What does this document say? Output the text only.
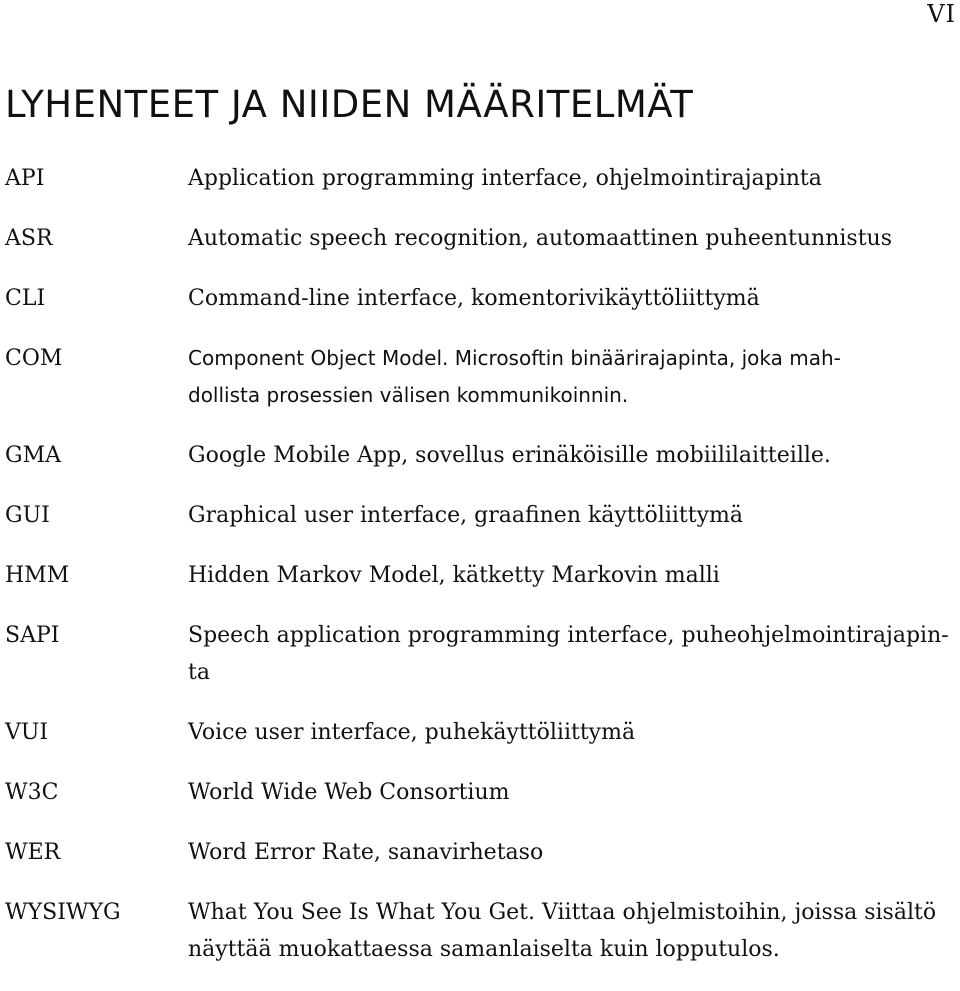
VI
LYHENTEET JA NIIDEN MÄÄRITELMÄT
API	Application programming interface, ohjelmointirajapinta
ASR	Automatic speech recognition, automaattinen puheentunnistus
CLI	Command-line interface, komentorivikäyttöliittymä
COM	Component Object Model. Microsoftin binäärirajapinta, joka mah-
dollista prosessien välisen kommunikoinnin.
GMA	Google Mobile App, sovellus erinäköisille mobiililaitteille.
GUI	Graphical user interface, graafinen käyttöliittymä
HMM	Hidden Markov Model, kätketty Markovin malli
SAPI	Speech application programming interface, puheohjelmointirajapin-
ta
VUI	Voice user interface, puhekäyttöliittymä
W3C	World Wide Web Consortium
WER	Word Error Rate, sanavirhetaso
WYSIWYG	What You See Is What You Get. Viittaa ohjelmistoihin, joissa sisältö
näyttää muokattaessa samanlaiselta kuin lopputulos.
